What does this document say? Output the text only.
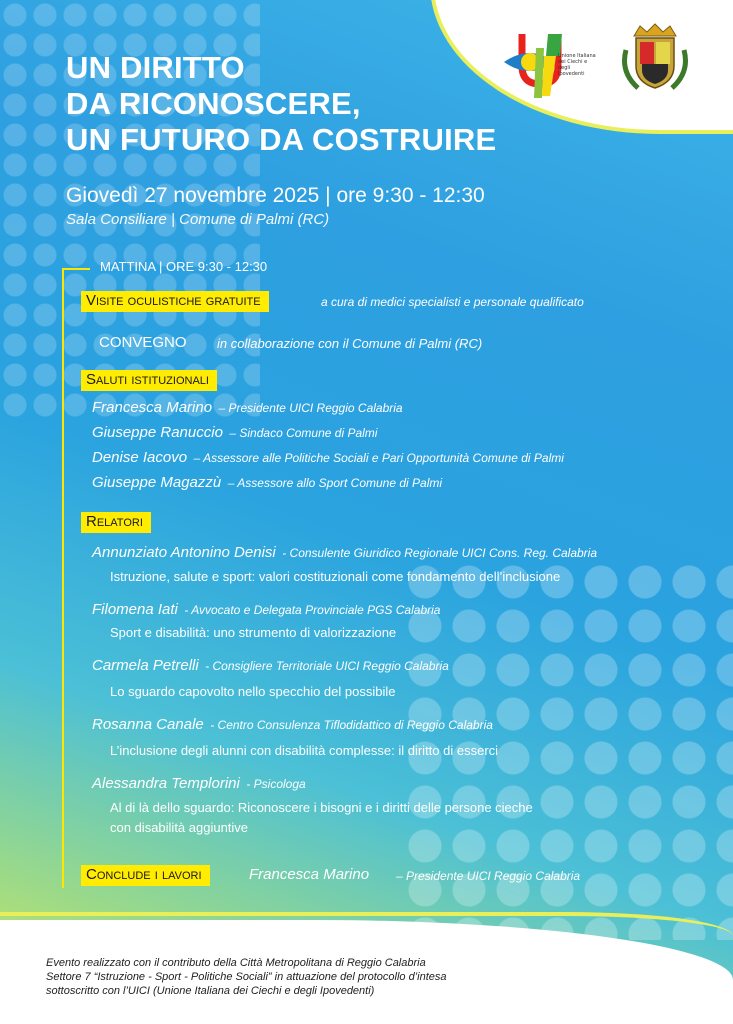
Unione Italiana dei Ciechi e degli Ipovedenti
UN DIRITTO
DA RICONOSCERE,
UN FUTURO DA COSTRUIRE

Giovedì 27 novembre 2025 | ore 9:30 - 12:30

Sala Consiliare | Comune di Palmi (RC)

MATTINA | ORE 9:30 - 12:30
Visite oculistiche gratuite	a cura di medici specialisti e personale qualificato
CONVEGNO in collaborazione con il Comune di Palmi (RC)
Saluti istituzionali
Francesca Marino – Presidente UICI Reggio Calabria
Giuseppe Ranuccio – Sindaco Comune di Palmi
Denise Iacovo – Assessore alle Politiche Sociali e Pari Opportunità Comune di Palmi
Giuseppe Magazzù – Assessore allo Sport Comune di Palmi
Relatori
Annunziato Antonino Denisi - Consulente Giuridico Regionale UICI Cons. Reg. Calabria
Istruzione, salute e sport: valori costituzionali come fondamento dell’inclusione
Filomena Iati - Avvocato e Delegata Provinciale PGS Calabria
Sport e disabilità: uno strumento di valorizzazione
Carmela Petrelli - Consigliere Territoriale UICI Reggio Calabria
Lo sguardo capovolto nello specchio del possibile
Rosanna Canale - Centro Consulenza Tiflodidattico di Reggio Calabria
L’inclusione degli alunni con disabilità complesse: il diritto di esserci
Alessandra Templorini - Psicologa
Al di là dello sguardo: Riconoscere i bisogni e i diritti delle persone cieche
con disabilità aggiuntive
Conclude i lavori	Francesca Marino – Presidente UICI Reggio Calabria
Evento realizzato con il contributo della Città Metropolitana di Reggio Calabria
Settore 7 “Istruzione - Sport - Politiche Sociali” in attuazione del protocollo d’intesa
sottoscritto con l’UICI (Unione Italiana dei Ciechi e degli Ipovedenti)
